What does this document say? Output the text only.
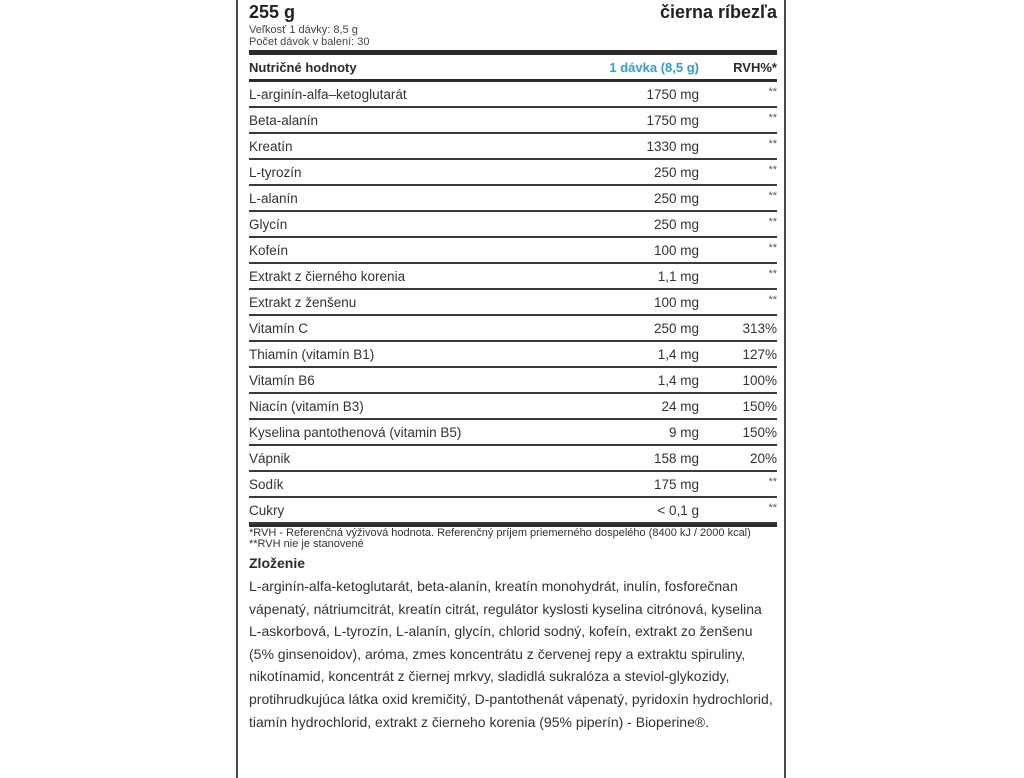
255 g	čierna ríbezľa
Veľkosť 1 dávky: 8,5 g
Počet dávok v balení: 30
Nutričné hodnoty	1 dávka (8,5 g)	RVH%*
L-arginín-alfa–ketoglutarát	1750 mg	**
Beta-alanín	1750 mg	**
Kreatín	1330 mg	**
L-tyrozín	250 mg	**
L-alanín	250 mg	**
Glycín	250 mg	**
Kofeín	100 mg	**
Extrakt z čierného korenia	1,1 mg	**
Extrakt z ženšenu	100 mg	**
Vitamín C	250 mg	313%
Thiamín (vitamín B1)	1,4 mg	127%
Vitamín B6	1,4 mg	100%
Niacín (vitamín B3)	24 mg	150%
Kyselina pantothenová (vitamin B5)	9 mg	150%
Vápnik	158 mg	20%
Sodík	175 mg	**
Cukry	< 0,1 g	**
*RVH - Referenčná výživová hodnota. Referenčný príjem priemerného dospelého (8400 kJ / 2000 kcal)
**RVH nie je stanovené
Zloženie
L-arginín-alfa-ketoglutarát, beta-alanín, kreatín monohydrát, inulín, fosforečnan vápenatý, nátriumcitrát, kreatín citrát, regulátor kyslosti kyselina citrónová, kyselina L-askorbová, L-tyrozín, L-alanín, glycín, chlorid sodný, kofeín, extrakt zo ženšenu (5% ginsenoidov), aróma, zmes koncentrátu z červenej repy a extraktu spiruliny, nikotínamid, koncentrát z čiernej mrkvy, sladidlá sukralóza a steviol-glykozidy, protihrudkujúca látka oxid kremičitý, D-pantothenát vápenatý, pyridoxín hydrochlorid, tiamín hydrochlorid, extrakt z čierneho korenia (95% piperín) - Bioperine®.
